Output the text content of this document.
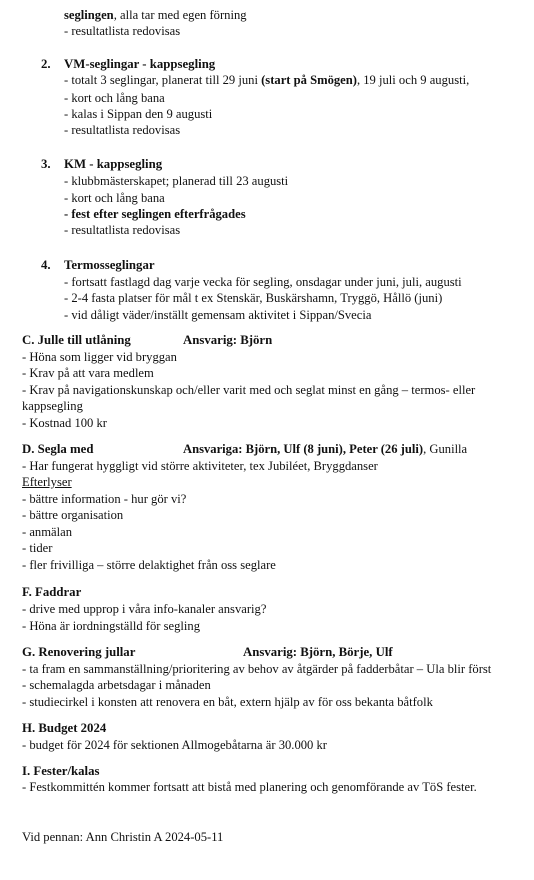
seglingen, alla tar med egen förning
- resultatlista redovisas
2. VM-seglingar - kappsegling
- totalt 3 seglingar, planerat till 29 juni (start på Smögen), 19 juli och 9 augusti,
- kort och lång bana
- kalas i Sippan den 9 augusti
- resultatlista redovisas
3. KM - kappsegling
- klubbmästerskapet; planerad till 23 augusti
- kort och lång bana
- fest efter seglingen efterfrågades
- resultatlista redovisas
4. Termosseglingar
- fortsatt fastlagd dag varje vecka för segling, onsdagar under juni, juli, augusti
- 2-4 fasta platser för mål t ex Stenskär, Buskärshamn, Tryggö, Hållö (juni)
- vid dåligt väder/inställt gemensam aktivitet i Sippan/Svecia
C. Julle till utlåning	Ansvarig: Björn
- Höna som ligger vid bryggan
- Krav på att vara medlem
- Krav på navigationskunskap och/eller varit med och seglat minst en gång – termos- eller
kappsegling
- Kostnad 100 kr
D. Segla med	Ansvariga: Björn, Ulf (8 juni), Peter (26 juli), Gunilla
- Har fungerat hyggligt vid större aktiviteter, tex Jubiléet, Bryggdanser
Efterlyser
- bättre information - hur gör vi?
- bättre organisation
- anmälan
- tider
- fler frivilliga – större delaktighet från oss seglare
F. Faddrar
- drive med upprop i våra info-kanaler ansvarig?
- Höna är iordningställd för segling
G. Renovering jullar	Ansvarig: Björn, Börje, Ulf
- ta fram en sammanställning/prioritering av behov av åtgärder på fadderbåtar – Ula blir först
- schemalagda arbetsdagar i månaden
- studiecirkel i konsten att renovera en båt, extern hjälp av för oss bekanta båtfolk
H. Budget 2024
- budget för 2024 för sektionen Allmogebåtarna är 30.000 kr
I. Fester/kalas
- Festkommittén kommer fortsatt att bistå med planering och genomförande av TöS fester.
Vid pennan: Ann Christin A 2024-05-11
